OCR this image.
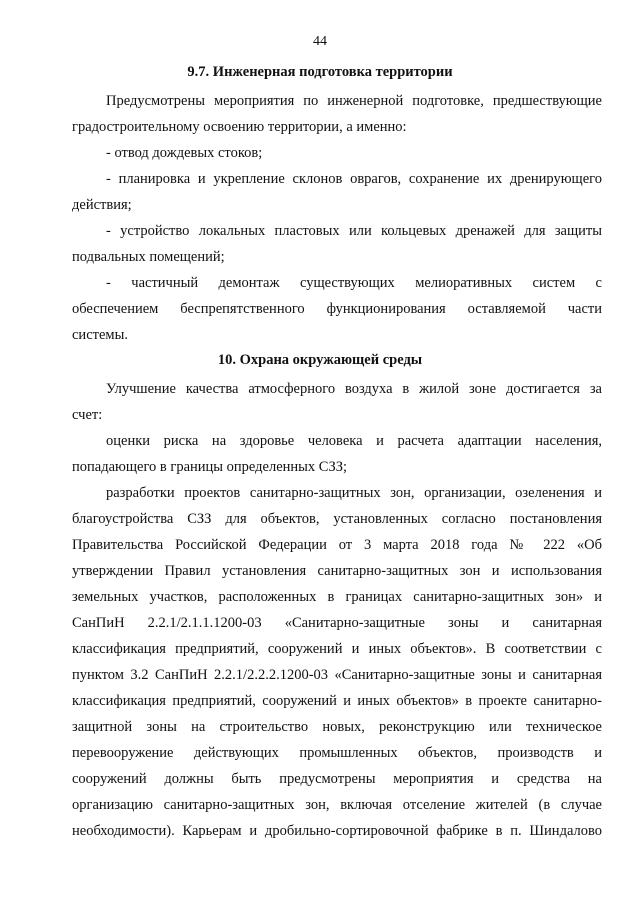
44
9.7. Инженерная подготовка территории
Предусмотрены мероприятия по инженерной подготовке, предшествующие
градостроительному освоению территории, а именно:
- отвод дождевых стоков;
- планировка и укрепление склонов оврагов, сохранение их дренирующего
действия;
- устройство локальных пластовых или кольцевых дренажей для защиты
подвальных помещений;
- частичный демонтаж существующих мелиоративных систем с
обеспечением беспрепятственного функционирования оставляемой части
системы.
10. Охрана окружающей среды
Улучшение качества атмосферного воздуха в жилой зоне достигается за
счет:
оценки риска на здоровье человека и расчета адаптации населения,
попадающего в границы определенных СЗЗ;
разработки проектов санитарно-защитных зон, организации, озеленения и
благоустройства СЗЗ для объектов, установленных согласно постановления
Правительства Российской Федерации от 3 марта 2018 года № 222 «Об
утверждении Правил установления санитарно-защитных зон и использования
земельных участков, расположенных в границах санитарно-защитных зон» и
СанПиН 2.2.1/2.1.1.1200-03 «Санитарно-защитные зоны и санитарная
классификация предприятий, сооружений и иных объектов». В соответствии с
пунктом 3.2 СанПиН 2.2.1/2.2.2.1200-03 «Санитарно-защитные зоны и санитарная
классификация предприятий, сооружений и иных объектов» в проекте санитарно-
защитной зоны на строительство новых, реконструкцию или техническое
перевооружение действующих промышленных объектов, производств и
сооружений должны быть предусмотрены мероприятия и средства на
организацию санитарно-защитных зон, включая отселение жителей (в случае
необходимости). Карьерам и дробильно-сортировочной фабрике в п. Шиндалово
